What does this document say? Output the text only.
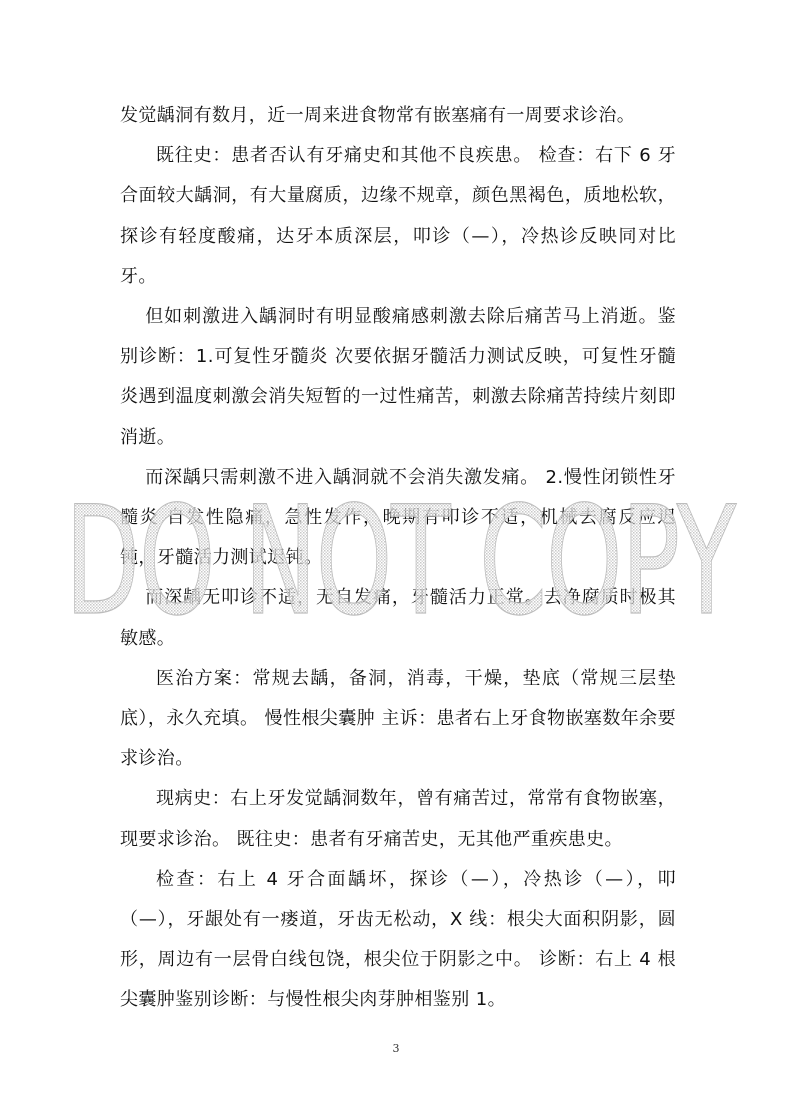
发觉龋洞有数月，近一周来进食物常有嵌塞痛有一周要求诊治。

既往史：患者否认有牙痛史和其他不良疾患。 检查：右下 6 牙合面较大龋洞，有大量腐质，边缘不规章，颜色黑褐色，质地松软，探诊有轻度酸痛，达牙本质深层，叩诊（—），冷热诊反映同对比牙。

但如刺激进入龋洞时有明显酸痛感刺激去除后痛苦马上消逝。鉴别诊断：1.可复性牙髓炎 次要依据牙髓活力测试反映，可复性牙髓炎遇到温度刺激会消失短暂的一过性痛苦，刺激去除痛苦持续片刻即消逝。

而深龋只需刺激不进入龋洞就不会消失激发痛。 2.慢性闭锁性牙髓炎 自发性隐痛，急性发作，晚期有叩诊不适，机械去腐反应迟钝，牙髓活力测试迟钝。

而深龋无叩诊不适，无自发痛，牙髓活力正常。去净腐质时极其敏感。

医治方案：常规去龋，备洞，消毒，干燥，垫底（常规三层垫底），永久充填。 慢性根尖囊肿 主诉：患者右上牙食物嵌塞数年余要求诊治。

现病史：右上牙发觉龋洞数年，曾有痛苦过，常常有食物嵌塞，现要求诊治。 既往史：患者有牙痛苦史，无其他严重疾患史。

检查：右上 4 牙合面龋坏，探诊（—），冷热诊（—），叩（—），牙龈处有一瘘道，牙齿无松动，X 线：根尖大面积阴影，圆形，周边有一层骨白线包饶，根尖位于阴影之中。 诊断：右上 4 根尖囊肿鉴别诊断：与慢性根尖肉芽肿相鉴别 1。

DO NOT COPY
3
